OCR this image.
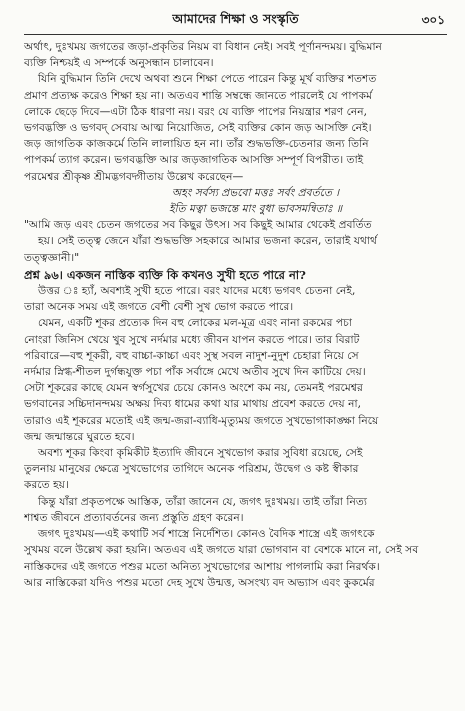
আমাদের শিক্ষা ও সংস্কৃতি	৩০১
অর্থাৎ, দুঃখময় জগতের জড়া-প্রকৃতির নিয়ম বা বিধান নেই। সবই পূর্ণানন্দময়। বুদ্ধিমান
ব্যক্তি নিশ্চয়ই এ সম্পর্কে অনুসন্ধান চালাবেন।
যিনি বুদ্ধিমান তিনি দেখে অথবা শুনে শিক্ষা পেতে পারেন কিন্তু মূর্খ ব্যক্তির শতশত
প্রমাণ প্রত্যক্ষ করেও শিক্ষা হয় না। অতএব শান্তি সম্বন্ধে জানতে পারলেই যে পাপকর্ম
লোকে ছেড়ে দিবে—এটা ঠিক ধারণা নয়। বরং যে ব্যক্তি পাপের নিয়ন্ত্রার শরণ নেন,
ভগবদ্ভক্তি ও ভগবদ্ সেবায় আত্ম নিয়োজিত, সেই ব্যক্তির কোন জড় আসক্তি নেই।
জড় জাগতিক কাজকর্মে তিনি লালায়িত হন না। তাঁর শুদ্ধভক্তি-চেতনার জন্য তিনি
পাপকর্ম ত্যাগ করেন। ভগবদ্ভক্তি আর জড়জাগতিক আসক্তি সম্পূর্ণ বিপরীত। তাই
পরমেশ্বর শ্রীকৃষ্ণ শ্রীমদ্ভগবদ্গীতায় উল্লেখ করেছেন—
অহং সর্বস্য প্রভবো মত্তঃ সর্বং প্রবর্ততে ।
ইতি মত্বা ভজন্তে মাং বুধা ভাবসমন্বিতাঃ ॥
"আমি জড় এবং চেতন জগতের সব কিছুর উৎস। সব কিছুই আমার থেকেই প্রবর্তিত
হয়। সেই তত্ত্ব জেনে যাঁরা শুদ্ধভক্তি সহকারে আমার ভজনা করেন, তারাই যথার্থ
তত্ত্বজ্ঞানী।"
প্রশ্ন ৯৬। একজন নাস্তিক ব্যক্তি কি কখনও সুখী হতে পারে না?
উত্তর ঃ হ্যাঁ, অবশ্যই সুখী হতে পারে। বরং যাদের মধ্যে ভগবৎ চেতনা নেই,
তারা অনেক সময় এই জগতে বেশী বেশী সুখ ভোগ করতে পারে।
যেমন, একটি শূকর প্রত্যেক দিন বহু লোকের মল-মূত্র এবং নানা রকমের পচা
নোংরা জিনিস খেয়ে খুব সুখে নর্দমার মধ্যে জীবন যাপন করতে পারে। তার বিরাট
পরিবারে—বহু শূকরী, বহু বাচ্চা-কাচ্চা এবং সুস্থ সবল নাদুশ-নুদুশ চেহারা নিয়ে সে
নর্দমার স্নিগ্ধ-শীতল দুর্গন্ধযুক্ত পচা পাঁক সর্বাঙ্গে মেখে অতীব সুখে দিন কাটিয়ে দেয়।
সেটা শূকরের কাছে যেমন স্বর্গসুখের চেয়ে কোনও অংশে কম নয়, তেমনই পরমেশ্বর
ভগবানের সচ্চিদানন্দময় অক্ষয় দিব্য ধামের কথা যার মাথায় প্রবেশ করতে দেয় না,
তারাও এই শূকরের মতোই এই জন্ম-জরা-ব্যাধি-মৃত্যুময় জগতে সুখভোগাকাঙ্ক্ষা নিয়ে
জন্ম জন্মান্তরে ঘুরতে হবে।
অবশ্য শূকর কিংবা কৃমিকীট ইত্যাদি জীবনে সুখভোগ করার সুবিধা রয়েছে, সেই
তুলনায় মানুষের ক্ষেত্রে সুখভোগের তাগিদে অনেক পরিশ্রম, উদ্বেগ ও কষ্ট স্বীকার
করতে হয়।
কিন্তু যাঁরা প্রকৃতপক্ষে আস্তিক, তাঁরা জানেন যে, জগৎ দুঃখময়। তাই তাঁরা নিত্য
শাশ্বত জীবনে প্রত্যাবর্তনের জন্য প্রস্তুতি গ্রহণ করেন।
জগৎ দুঃখময়—এই কথাটি সর্ব শাস্ত্রে নির্দেশিত। কোনও বৈদিক শাস্ত্রে এই জগৎকে
সুখময় বলে উল্লেখ করা হয়নি। অতএব এই জগতে যারা ভোগবান বা বেশকে মানে না, সেই সব
নাস্তিকদের এই জগতে পশুর মতো অনিত্য সুখভোগের আশায় পাগলামি করা নিরর্থক।
আর নাস্তিকেরা যদিও পশুর মতো দেহ সুখে উন্মত্ত, অসংখ্য বদ অভ্যাস এবং কুকর্মের
